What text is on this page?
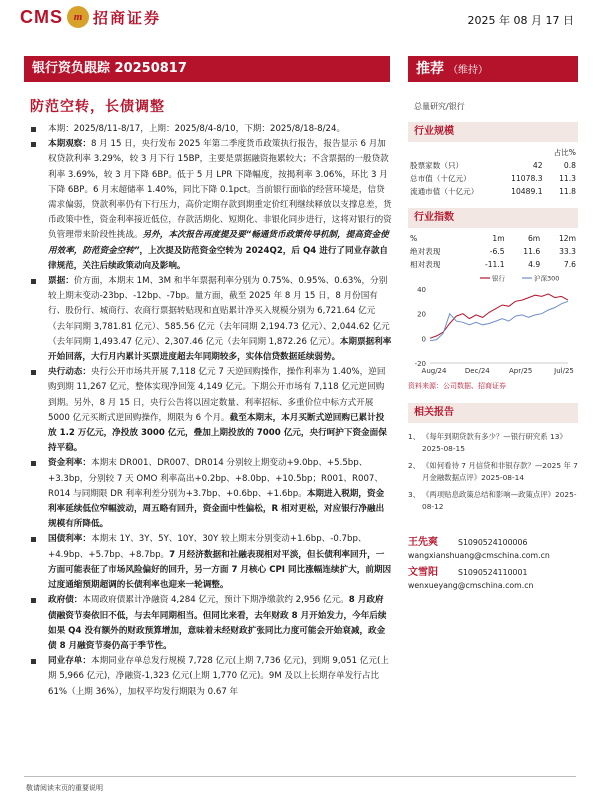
CMS m 招商证券	2025 年 08 月 17 日
银行资负跟踪 20250817	推荐 （维持）
防范空转，长债调整	总量研究/银行
本期：2025/8/11-8/17，上期：2025/8/4-8/10，下期：2025/8/18-8/24。
本期观察：8 月 15 日，央行发布 2025 年第二季度货币政策执行报告，报告显示 6 月加权贷款利率 3.29%，较 3 月下行 15BP，主要是票据融资拖累较大；不含票据的一般贷款利率 3.69%，较 3 月下降 6BP。低于 5 月 LPR 下降幅度，按揭利率 3.06%，环比 3 月下降 6BP。6 月末超储率 1.40%，同比下降 0.1pct。当前银行面临的经营环境是，信贷需求偏弱，贷款利率仍有下行压力，高价定期存款到期重定价红利继续释放以支撑息差，货币政策中性，资金利率接近低位，存款活期化、短期化、非银化同步进行，这将对银行的资负管理带来阶段性挑战。另外，本次报告再度提及要“畅通货币政策传导机制，提高资金使用效率，防范资金空转”，上次提及防范资金空转为 2024Q2，后 Q4 进行了同业存款自律规范，关注后续政策动向及影响。
票据：价方面，本期末 1M、3M 和半年票据利率分别为 0.75%、0.95%、0.63%，分别较上期末变动-23bp、-12bp、-7bp。量方面，截至 2025 年 8 月 15 日，8 月份国有行、股份行、城商行、农商行票据转贴现和直贴累计净买入规模分别为 6,721.64 亿元（去年同期 3,781.81 亿元）、585.56 亿元（去年同期 2,194.73 亿元）、2,044.62 亿元（去年同期 1,493.47 亿元）、2,307.46 亿元（去年同期 1,872.26 亿元）。本期票据利率开始回落，大行月内累计买票进度超去年同期较多，实体信贷数据延续弱势。
央行动态：央行公开市场共开展 7,118 亿元 7 天逆回购操作，操作利率为 1.40%，逆回购到期 11,267 亿元，整体实现净回笼 4,149 亿元。下期公开市场有 7,118 亿元逆回购到期。另外，8 月 15 日，央行公告将以固定数量、利率招标、多重价位中标方式开展 5000 亿元买断式逆回购操作，期限为 6 个月。截至本期末，本月买断式逆回购已累计投放 1.2 万亿元，净投放 3000 亿元，叠加上期投放的 7000 亿元，央行呵护下资金面保持平稳。
资金利率：本期末 DR001、DR007、DR014 分别较上期变动+9.0bp、+5.5bp、+3.3bp，分别较 7 天 OMO 利率高出+0.2bp、+8.0bp、+10.5bp；R001、R007、R014 与同期限 DR 利率利差分别为+3.7bp、+0.6bp、+1.6bp。本期进入税期，资金利率延续低位窄幅波动，周五略有回升，资金面中性偏松，R 相对更松，对应银行净融出规模有所降低。
国债利率：本期末 1Y、3Y、5Y、10Y、30Y 较上期末分别变动+1.6bp、-0.7bp、+4.9bp、+5.7bp、+8.7bp。7 月经济数据和社融表现相对平淡，但长债利率回升，一方面可能表征了市场风险偏好的回升，另一方面 7 月核心 CPI 同比涨幅连续扩大，前期因过度通缩预期超调的长债利率也迎来一轮调整。
政府债：本周政府债累计净融资 4,284 亿元，预计下期净缴款约 2,956 亿元。8 月政府债融资节奏依旧不低，与去年同期相当。但同比来看，去年财政 8 月开始发力，今年后续如果 Q4 没有额外的财政预算增加，意味着未经财政扩张同比力度可能会开始衰减，政金债 8 月融资节奏仍高于季节性。
同业存单：本期同业存单总发行规模 7,728 亿元(上期 7,736 亿元)，到期 9,051 亿元(上期 5,966 亿元)，净融资-1,323 亿元(上期 1,770 亿元)。9M 及以上长期存单发行占比 61%（上期 36%），加权平均发行期限为 0.67 年
行业规模
		占比%
股票家数（只）	42	0.8
总市值（十亿元）	11078.3	11.3
流通市值（十亿元）	10489.1	11.8
行业指数
%	1m	6m	12m
绝对表现	-6.5	11.6	33.3
相对表现	-11.1	4.9	7.6
40
20
0
-20
Aug/24	Dec/24	Apr/25	Jul/25
银行	沪深300
资料来源：公司数据、招商证券
相关报告
1、 《每年到期贷款有多少？—银行研究系 13》2025-08-15
2、 《如何看待 7 月信贷和非银存款？—2025 年 7 月金融数据点评》2025-08-14
3、 《两项贴息政策总结和影响—政策点评》2025-08-12
王先爽	S1090524100006
wangxianshuang@cmschina.com.cn
文雪阳	S1090524110001
wenxueyang@cmschina.com.cn
敬请阅读末页的重要说明
